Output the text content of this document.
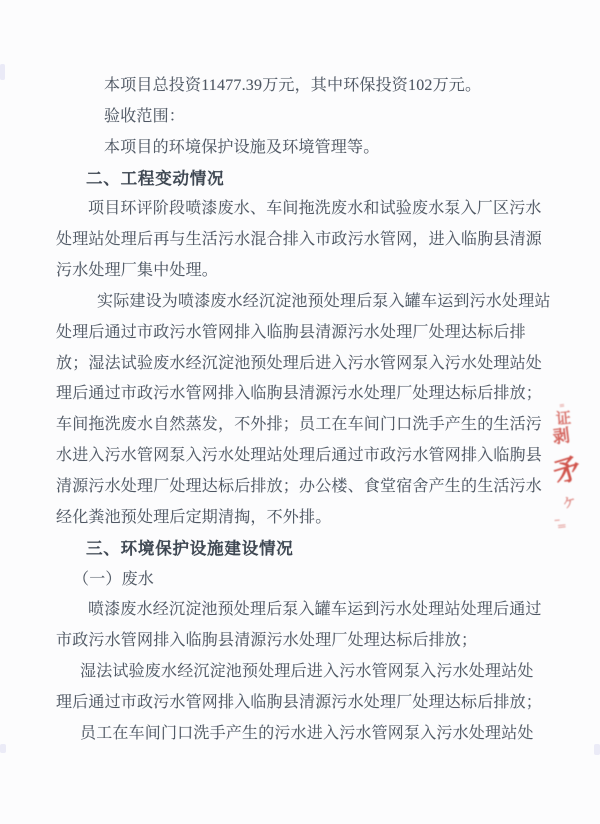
本项目总投资11477.39万元，其中环保投资102万元。
验收范围：
本项目的环境保护设施及环境管理等。
二、工程变动情况
项目环评阶段喷漆废水、车间拖洗废水和试验废水泵入厂区污水
处理站处理后再与生活污水混合排入市政污水管网，进入临朐县清源
污水处理厂集中处理。
实际建设为喷漆废水经沉淀池预处理后泵入罐车运到污水处理站
处理后通过市政污水管网排入临朐县清源污水处理厂处理达标后排
放；湿法试验废水经沉淀池预处理后进入污水管网泵入污水处理站处
理后通过市政污水管网排入临朐县清源污水处理厂处理达标后排放；
车间拖洗废水自然蒸发，不外排；员工在车间门口洗手产生的生活污
水进入污水管网泵入污水处理站处理后通过市政污水管网排入临朐县
清源污水处理厂处理达标后排放；办公楼、食堂宿舍产生的生活污水
经化粪池预处理后定期清掏，不外排。
三、环境保护设施建设情况
（一）废水
喷漆废水经沉淀池预处理后泵入罐车运到污水处理站处理后通过
市政污水管网排入临朐县清源污水处理厂处理达标后排放；
湿法试验废水经沉淀池预处理后进入污水管网泵入污水处理站处
理后通过市政污水管网排入临朐县清源污水处理厂处理达标后排放；
员工在车间门口洗手产生的污水进入污水管网泵入污水处理站处
﹦
证
剥
矛
ケ
﹣
＝
